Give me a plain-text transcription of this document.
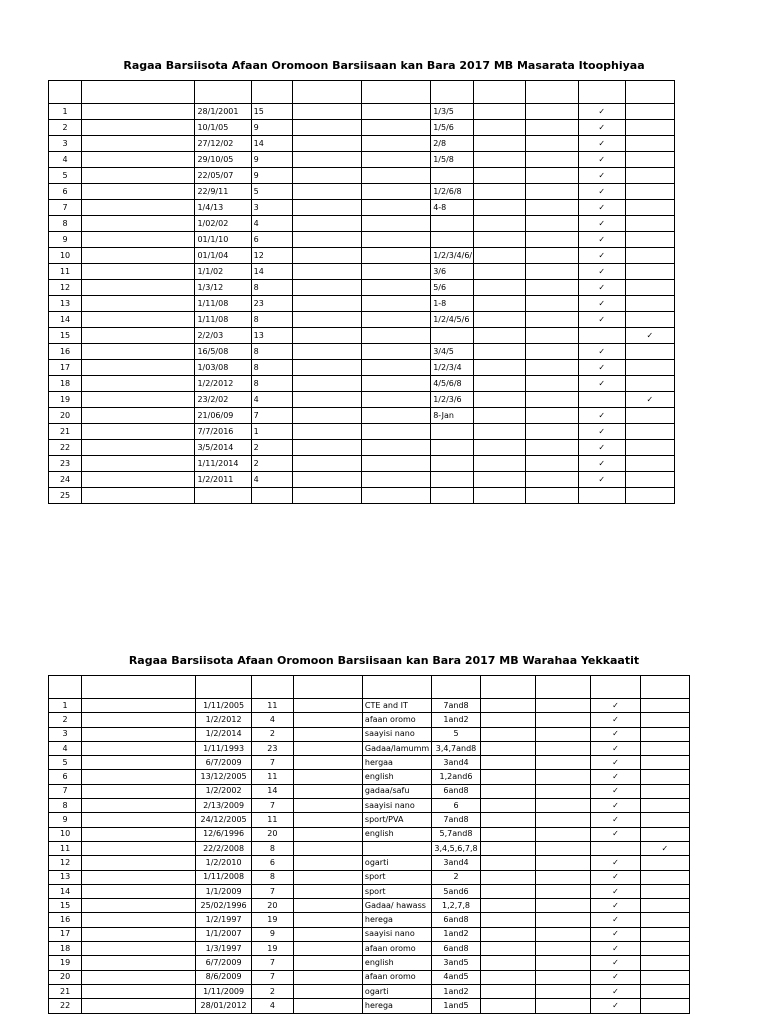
Ragaa Barsiisota Afaan Oromoon Barsiisaan kan Bara 2017 MB Masarata Itoophiyaa

1		28/1/2001	15			1/3/5			✓	
2		10/1/05	9			1/5/6			✓	
3		27/12/02	14			2/8			✓	
4		29/10/05	9			1/5/8			✓	
5		22/05/07	9						✓	
6		22/9/11	5			1/2/6/8			✓	
7		1/4/13	3			4-8			✓	
8		1/02/02	4						✓	
9		01/1/10	6						✓	
10		01/1/04	12			1/2/3/4/6/			✓	
11		1/1/02	14			3/6			✓	
12		1/3/12	8			5/6			✓	
13		1/11/08	23			1-8			✓	
14		1/11/08	8			1/2/4/5/6			✓	
15		2/2/03	13							✓
16		16/5/08	8			3/4/5			✓	
17		1/03/08	8			1/2/3/4			✓	
18		1/2/2012	8			4/5/6/8			✓	
19		23/2/02	4			1/2/3/6				✓
20		21/06/09	7			8-Jan			✓	
21		7/7/2016	1						✓	
22		3/5/2014	2						✓	
23		1/11/2014	2						✓	
24		1/2/2011	4						✓	
25										
Ragaa Barsiisota Afaan Oromoon Barsiisaan kan Bara 2017 MB Warahaa Yekkaatit

1		1/11/2005	11		CTE and IT	7and8			✓	
2		1/2/2012	4		afaan oromo	1and2			✓	
3		1/2/2014	2		saayisi nano	5			✓	
4		1/11/1993	23		Gadaa/lamumm	3,4,7and8			✓	
5		6/7/2009	7		hergaa	3and4			✓	
6		13/12/2005	11		english	1,2and6			✓	
7		1/2/2002	14		gadaa/safu	6and8			✓	
8		2/13/2009	7		saayisi nano	6			✓	
9		24/12/2005	11		sport/PVA	7and8			✓	
10		12/6/1996	20		english	5,7and8			✓	
11		22/2/2008	8			3,4,5,6,7,8				✓
12		1/2/2010	6		ogarti	3and4			✓	
13		1/11/2008	8		sport	2			✓	
14		1/1/2009	7		sport	5and6			✓	
15		25/02/1996	20		Gadaa/ hawass	1,2,7,8			✓	
16		1/2/1997	19		herega	6and8			✓	
17		1/1/2007	9		saayisi nano	1and2			✓	
18		1/3/1997	19		afaan oromo	6and8			✓	
19		6/7/2009	7		english	3and5			✓	
20		8/6/2009	7		afaan oromo	4and5			✓	
21		1/11/2009	2		ogarti	1and2			✓	
22		28/01/2012	4		herega	1and5			✓	
